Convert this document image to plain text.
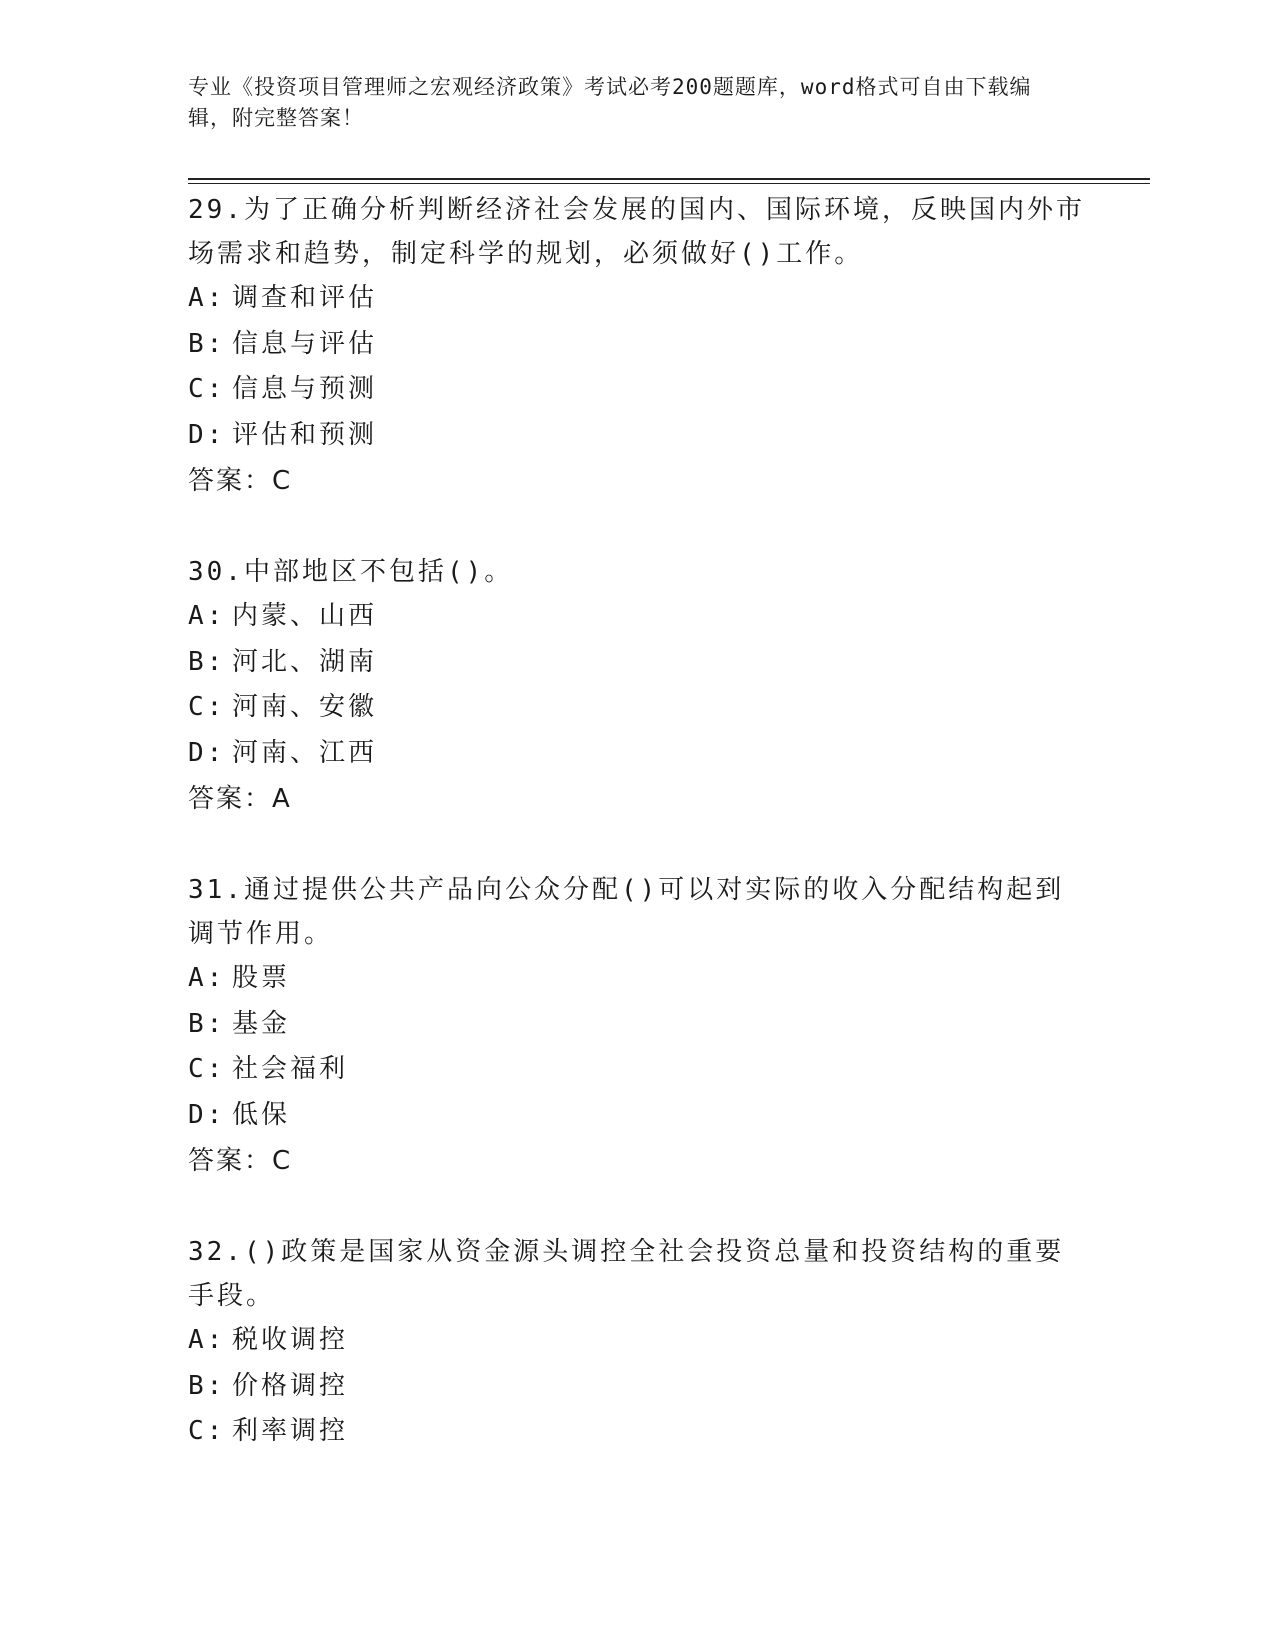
专业《投资项目管理师之宏观经济政策》考试必考200题题库，word格式可自由下载编辑，附完整答案！

29.为了正确分析判断经济社会发展的国内、国际环境，反映国内外市场需求和趋势，制定科学的规划，必须做好()工作。

A: 调查和评估

B: 信息与评估

C: 信息与预测

D: 评估和预测

答案：C

30.中部地区不包括()。

A: 内蒙、山西

B: 河北、湖南

C: 河南、安徽

D: 河南、江西

答案：A

31.通过提供公共产品向公众分配()可以对实际的收入分配结构起到调节作用。

A: 股票

B: 基金

C: 社会福利

D: 低保

答案：C

32.()政策是国家从资金源头调控全社会投资总量和投资结构的重要手段。

A: 税收调控

B: 价格调控

C: 利率调控
